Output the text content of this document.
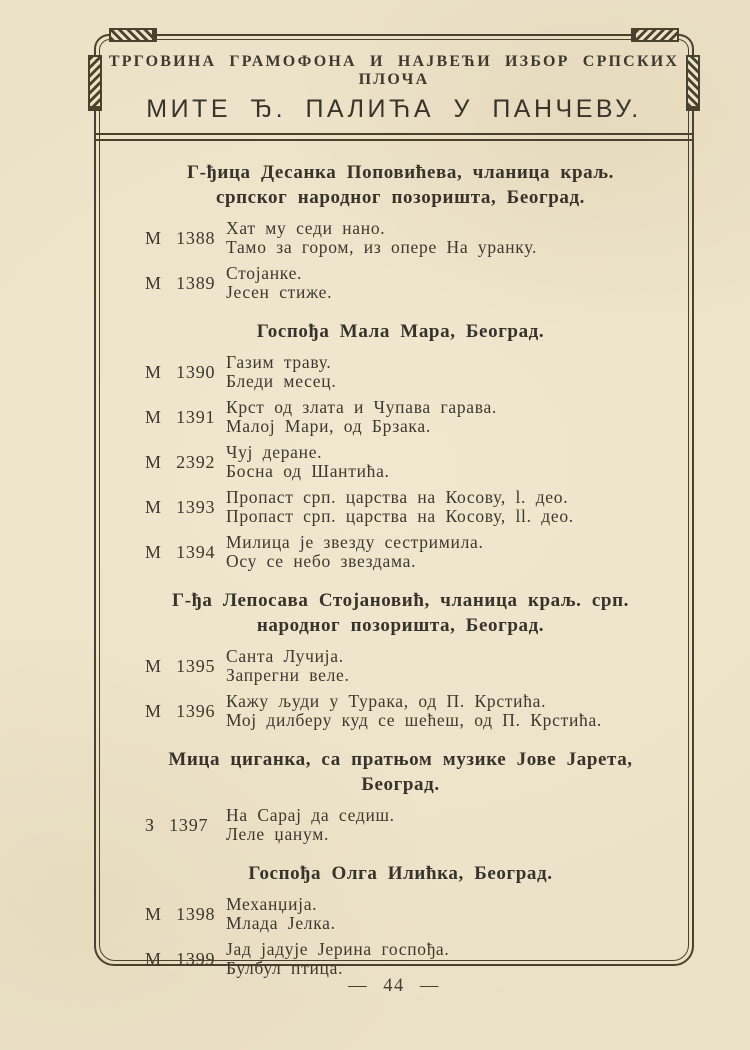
ТРГОВИНА ГРАМОФОНА И НАЈВЕЋИ ИЗБОР СРПСКИХ ПЛОЧА
МИТЕ Ђ. ПАЛИЋА У ПАНЧЕВУ.
Г-ђица Десанка Поповићева, чланица краљ.
српског народног позоришта, Београд.
М 1388 Хат му седи нано.
Тамо за гором, из опере На уранку.
М 1389 Стојанке.
Јесен стиже.
Госпођа Мала Мара, Београд.
М 1390 Газим траву.
Бледи месец.
М 1391 Крст од злата и Чупава гарава.
Малој Мари, од Брзака.
М 2392 Чуј деране.
Босна од Шантића.
М 1393 Пропаст срп. царства на Косову, l. део.
Пропаст срп. царства на Косову, ll. део.
М 1394 Милица је звезду сестримила.
Осу се небо звездама.
Г-ђа Лепосава Стојановић, чланица краљ. срп.
народног позоришта, Београд.
М 1395 Санта Лучија.
Запрегни веле.
М 1396 Кажу људи у Турака, од П. Крстића.
Мој дилберу куд се шећеш, од П. Крстића.
Мица циганка, са пратњом музике Јове Јарета,
Београд.
З 1397	На Сарај да седиш.
Леле џанум.
Госпођа Олга Илићка, Београд.
М 1398 Механџија.
Млада Јелка.
М 1399 Јад јадује Јерина госпођа.
Булбул птица.
— 44 —
